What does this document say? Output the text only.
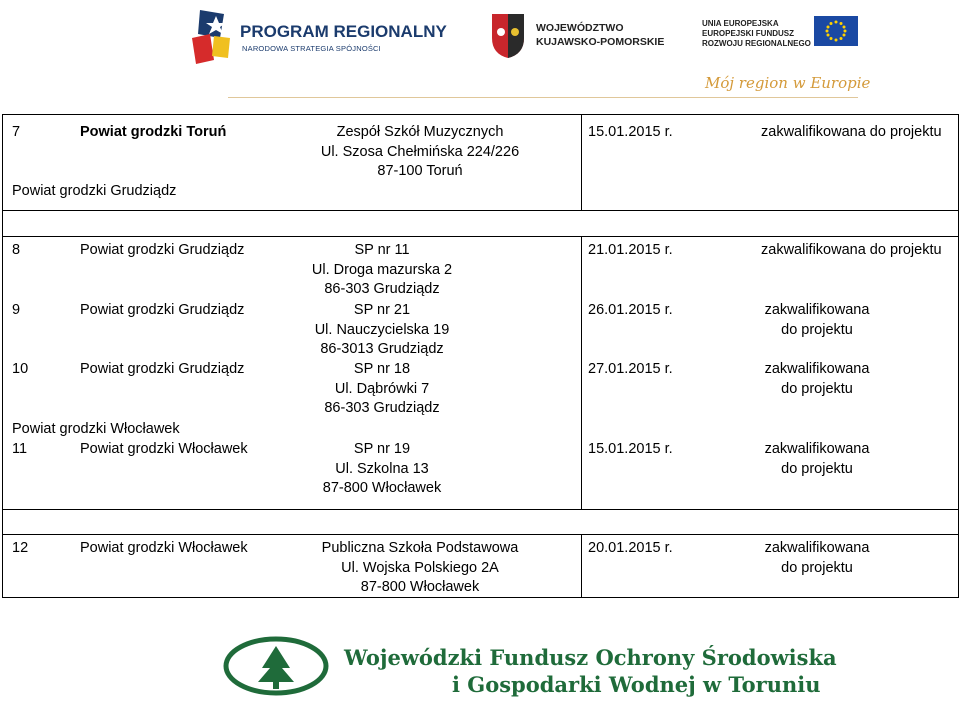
PROGRAM REGIONALNY
NARODOWA STRATEGIA SPÓJNOŚCI
WOJEWÓDZTWO
KUJAWSKO-POMORSKIE
UNIA EUROPEJSKA
EUROPEJSKI FUNDUSZ
ROZWOJU REGIONALNEGO
Mój region w Europie
7	Powiat grodzki Toruń	Zespół Szkół Muzycznych
Ul. Szosa Chełmińska 224/226
87-100 Toruń
15.01.2015 r.	zakwalifikowana do projektu
Powiat grodzki Grudziądz
8	Powiat grodzki Grudziądz	SP nr 11
Ul. Droga mazurska 2
86-303 Grudziądz
21.01.2015 r.	zakwalifikowana do projektu
9	Powiat grodzki Grudziądz	SP nr 21
Ul. Nauczycielska 19
86-3013 Grudziądz
26.01.2015 r.	zakwalifikowana
do projektu
10	Powiat grodzki Grudziądz	SP nr 18
Ul. Dąbrówki 7
86-303 Grudziądz
27.01.2015 r.	zakwalifikowana
do projektu
Powiat grodzki Włocławek
11	Powiat grodzki Włocławek	SP nr 19
Ul. Szkolna 13
87-800 Włocławek
15.01.2015 r.	zakwalifikowana
do projektu
12	Powiat grodzki Włocławek	Publiczna Szkoła Podstawowa
Ul. Wojska Polskiego 2A
87-800 Włocławek
20.01.2015 r.	zakwalifikowana
do projektu
Wojewódzki Fundusz Ochrony Środowiska
i Gospodarki Wodnej w Toruniu
